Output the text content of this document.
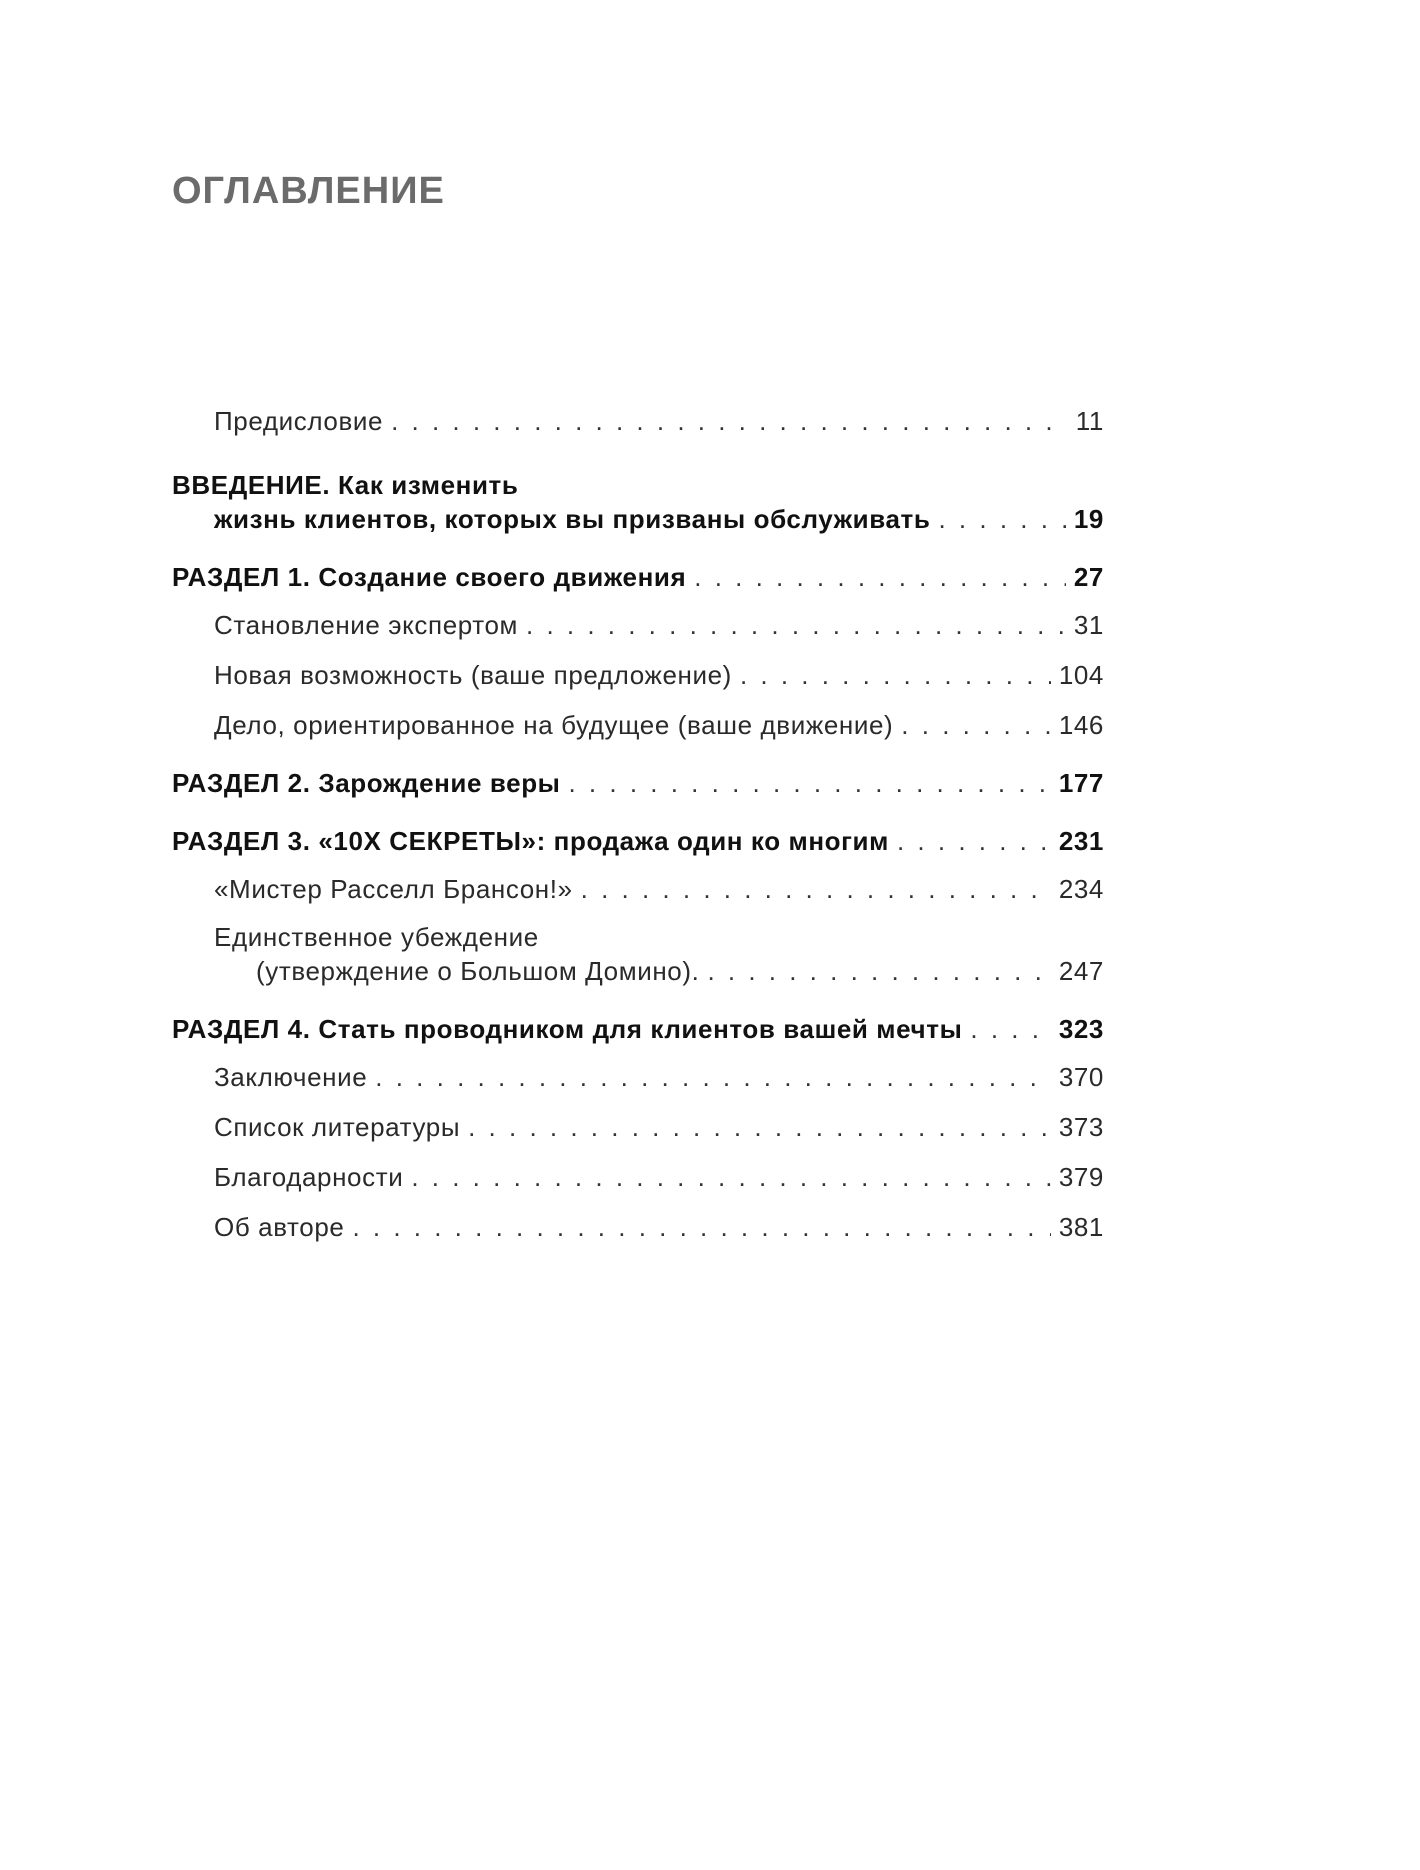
ОГЛАВЛЕНИЕ
Предисловие . . .	11
ВВЕДЕНИЕ. Как изменить
жизнь клиентов, которых вы призваны обслуживать . . .	19
РАЗДЕЛ 1. Создание своего движения . . .	27
Становление экспертом . . .	31
Новая возможность (ваше предложение) . . .	104
Дело, ориентированное на будущее (ваше движение) . . .	146
РАЗДЕЛ 2. Зарождение веры . . .	177
РАЗДЕЛ 3. «10Х СЕКРЕТЫ»: продажа один ко многим . . .	231
«Мистер Расселл Брансон!» . . .	234
Единственное убеждение
(утверждение о Большом Домино). . . .	247
РАЗДЕЛ 4. Стать проводником для клиентов вашей мечты . . .	323
Заключение . . .	370
Список литературы . . .	373
Благодарности . . .	379
Об авторе . . .	381
